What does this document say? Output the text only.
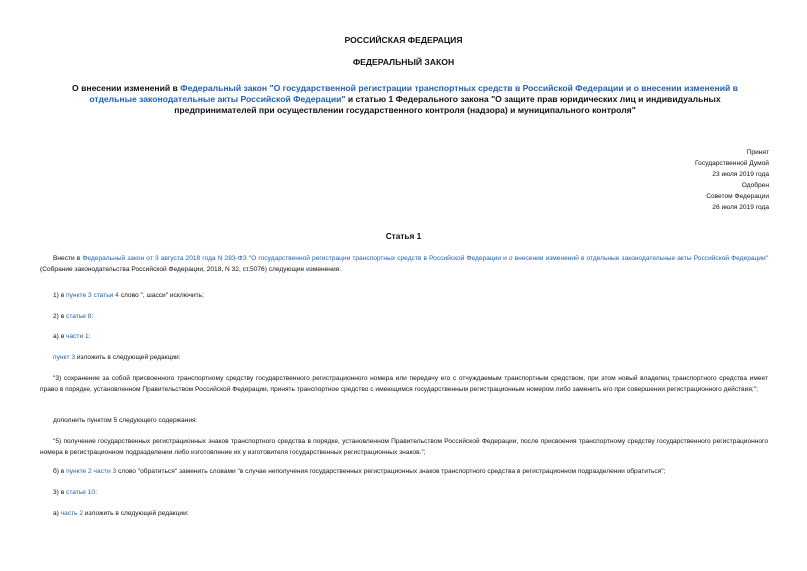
РОССИЙСКАЯ ФЕДЕРАЦИЯ
ФЕДЕРАЛЬНЫЙ ЗАКОН
О внесении изменений в Федеральный закон "О государственной регистрации транспортных средств в Российской Федерации и о внесении изменений в отдельные законодательные акты Российской Федерации" и статью 1 Федерального закона "О защите прав юридических лиц и индивидуальных предпринимателей при осуществлении государственного контроля (надзора) и муниципального контроля"
Принят
Государственной Думой
23 июля 2019 года
Одобрен
Советом Федерации
26 июля 2019 года
Статья 1
Внести в Федеральный закон от 3 августа 2018 года N 283-ФЗ "О государственной регистрации транспортных средств в Российской Федерации и о внесении изменений в отдельные законодательные акты Российской Федерации" (Собрание законодательства Российской Федерации, 2018, N 32, ст.5076) следующие изменения:
1) в пункте 3 статьи 4 слово ", шасси" исключить;
2) в статье 8:
а) в части 1:
пункт 3 изложить в следующей редакции:
"3) сохранение за собой присвоенного транспортному средству государственного регистрационного номера или передачу его с отчуждаемым транспортным средством, при этом новый владелец транспортного средства имеет право в порядке, установленном Правительством Российской Федерации, принять транспортное средство с имеющимся государственным регистрационным номером либо заменить его при совершении регистрационного действия;";
дополнить пунктом 5 следующего содержания:
"5) получение государственных регистрационных знаков транспортного средства в порядке, установленном Правительством Российской Федерации, после присвоения транспортному средству государственного регистрационного номера в регистрационном подразделении либо изготовление их у изготовителя государственных регистрационных знаков.";
б) в пункте 2 части 3 слово "обратиться" заменить словами "в случае неполучения государственных регистрационных знаков транспортного средства в регистрационном подразделении обратиться";
3) в статье 10:
а) часть 2 изложить в следующей редакции:
